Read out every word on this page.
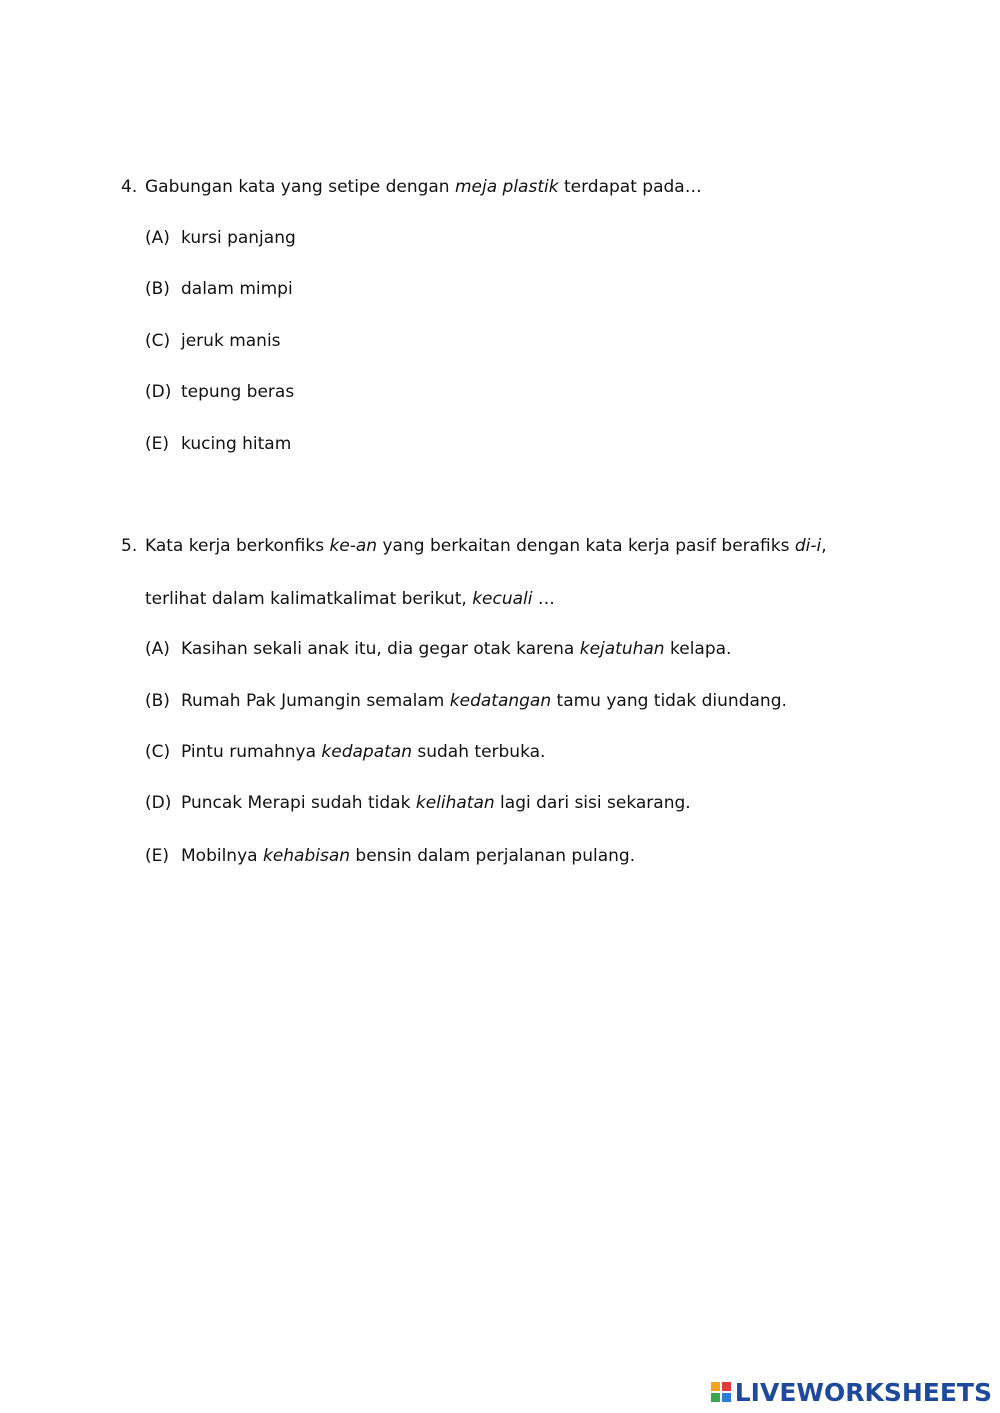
4. Gabungan kata yang setipe dengan meja plastik terdapat pada…
(A) kursi panjang
(B) dalam mimpi
(C) jeruk manis
(D) tepung beras
(E) kucing hitam
5. Kata kerja berkonfiks ke-an yang berkaitan dengan kata kerja pasif berafiks di-i,
terlihat dalam kalimatkalimat berikut, kecuali …
(A) Kasihan sekali anak itu, dia gegar otak karena kejatuhan kelapa.
(B) Rumah Pak Jumangin semalam kedatangan tamu yang tidak diundang.
(C) Pintu rumahnya kedapatan sudah terbuka.
(D) Puncak Merapi sudah tidak kelihatan lagi dari sisi sekarang.
(E) Mobilnya kehabisan bensin dalam perjalanan pulang.
LIVEWORKSHEETS
